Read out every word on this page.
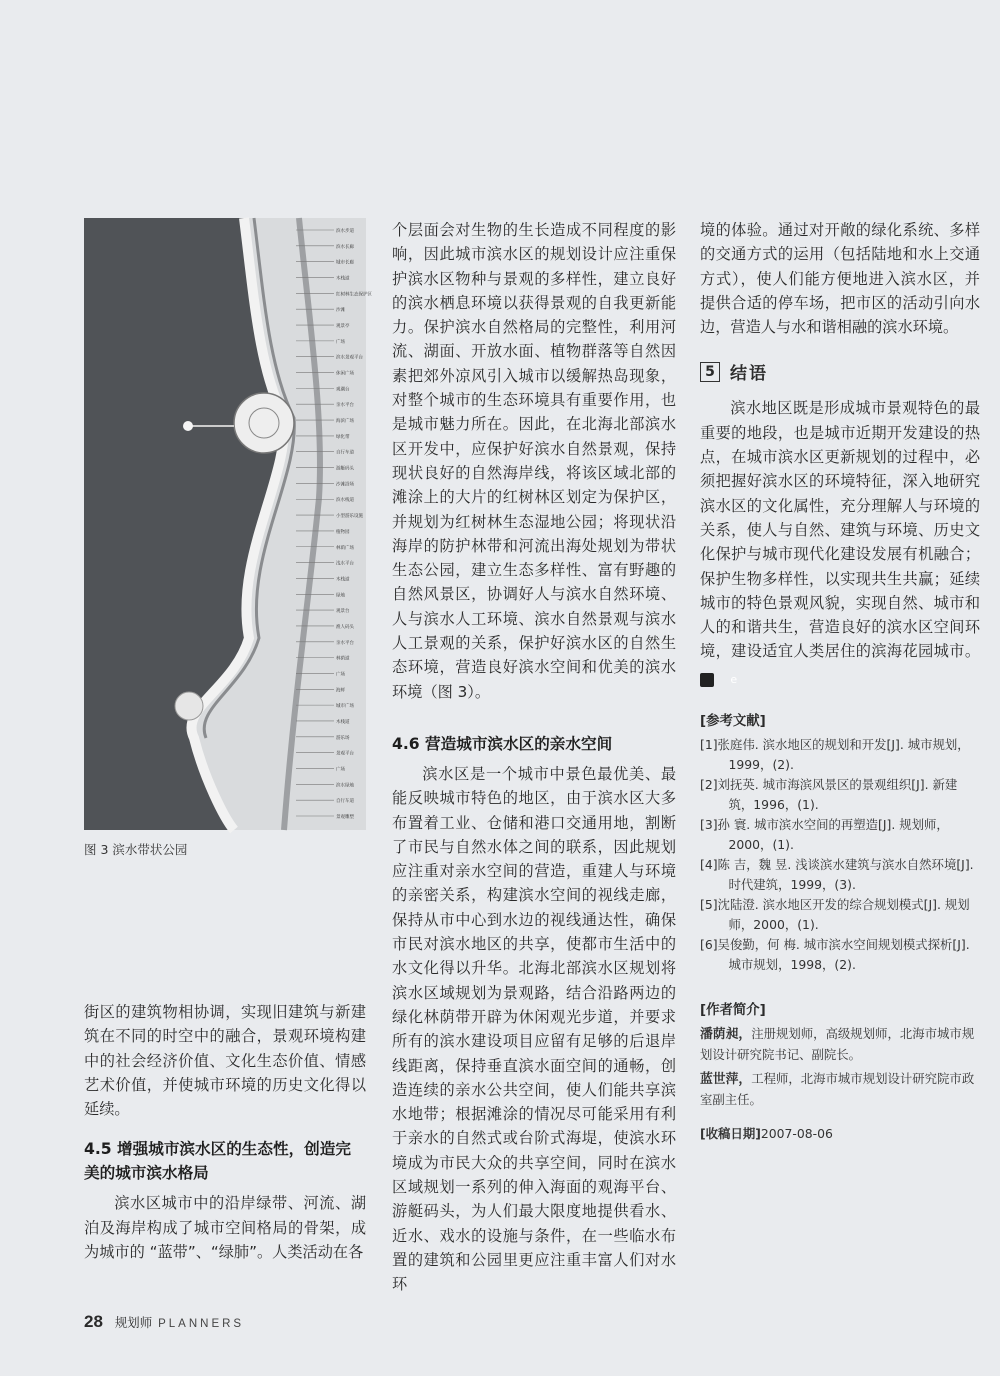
滨水步道
滨水长廊
城市长廊
木栈道
红树林生态保护区
沙滩
观景亭
广场
滨水景观平台
休闲广场
观潮台
亲水平台
海滨广场
绿化带
自行车道
游艇码头
沙滩浴场
滨水栈道
小型游乐设施
植物园
林荫广场
浅水平台
木栈道
绿地
观景台
渔人码头
亲水平台
林荫道
广场
海鲜
城市广场
木栈道
游乐场
景观平台
广场
滨水绿地
自行车道
景观雕塑
图 3 滨水带状公园

街区的建筑物相协调，实现旧建筑与新建筑在不同的时空中的融合，景观环境构建中的社会经济价值、文化生态价值、情感艺术价值，并使城市环境的历史文化得以延续。

4.5 增强城市滨水区的生态性，创造完美的城市滨水格局

滨水区城市中的沿岸绿带、河流、湖泊及海岸构成了城市空间格局的骨架，成为城市的 “蓝带”、“绿肺”。人类活动在各

个层面会对生物的生长造成不同程度的影响，因此城市滨水区的规划设计应注重保护滨水区物种与景观的多样性，建立良好的滨水栖息环境以获得景观的自我更新能力。保护滨水自然格局的完整性，利用河流、湖面、开放水面、植物群落等自然因素把郊外凉风引入城市以缓解热岛现象，对整个城市的生态环境具有重要作用，也是城市魅力所在。因此，在北海北部滨水区开发中，应保护好滨水自然景观，保持现状良好的自然海岸线，将该区域北部的滩涂上的大片的红树林区划定为保护区，并规划为红树林生态湿地公园；将现状沿海岸的防护林带和河流出海处规划为带状生态公园，建立生态多样性、富有野趣的自然风景区，协调好人与滨水自然环境、人与滨水人工环境、滨水自然景观与滨水人工景观的关系，保护好滨水区的自然生态环境，营造良好滨水空间和优美的滨水环境（图 3）。

4.6 营造城市滨水区的亲水空间

滨水区是一个城市中景色最优美、最能反映城市特色的地区，由于滨水区大多布置着工业、仓储和港口交通用地，割断了市民与自然水体之间的联系，因此规划应注重对亲水空间的营造，重建人与环境的亲密关系，构建滨水空间的视线走廊，保持从市中心到水边的视线通达性，确保市民对滨水地区的共享，使都市生活中的水文化得以升华。北海北部滨水区规划将滨水区域规划为景观路，结合沿路两边的绿化林荫带开辟为休闲观光步道，并要求所有的滨水建设项目应留有足够的后退岸线距离，保持垂直滨水面空间的通畅，创造连续的亲水公共空间，使人们能共享滨水地带；根据滩涂的情况尽可能采用有利于亲水的自然式或台阶式海堤，使滨水环境成为市民大众的共享空间，同时在滨水区域规划一系列的伸入海面的观海平台、游艇码头，为人们最大限度地提供看水、近水、戏水的设施与条件，在一些临水布置的建筑和公园里更应注重丰富人们对水环

境的体验。通过对开敞的绿化系统、多样的交通方式的运用（包括陆地和水上交通方式），使人们能方便地进入滨水区，并提供合适的停车场，把市区的活动引向水边，营造人与水和谐相融的滨水环境。

5 结语

滨水地区既是形成城市景观特色的最重要的地段，也是城市近期开发建设的热点，在城市滨水区更新规划的过程中，必须把握好滨水区的环境特征，深入地研究滨水区的文化属性，充分理解人与环境的关系，使人与自然、建筑与环境、历史文化保护与城市现代化建设发展有机融合；保护生物多样性，以实现共生共赢；延续城市的特色景观风貌，实现自然、城市和人的和谐共生，营造良好的滨水区空间环境，建设适宜人类居住的滨海花园城市。e

[参考文献]

[1]张庭伟. 滨水地区的规划和开发[J]. 城市规划，1999，(2).

[2]刘抚英. 城市海滨风景区的景观组织[J]. 新建筑，1996，(1).

[3]孙 寰. 城市滨水空间的再塑造[J]. 规划师，2000，(1).

[4]陈 吉，魏 昱. 浅谈滨水建筑与滨水自然环境[J]. 时代建筑，1999，(3).

[5]沈陆澄. 滨水地区开发的综合规划模式[J]. 规划师，2000，(1).

[6]吴俊勤，何 梅. 城市滨水空间规划模式探析[J]. 城市规划，1998，(2).

[作者简介]

潘荫昶，注册规划师，高级规划师，北海市城市规划设计研究院书记、副院长。

蓝世萍，工程师，北海市城市规划设计研究院市政室副主任。

[收稿日期]2007-08-06
28 规划师 PLANNERS
